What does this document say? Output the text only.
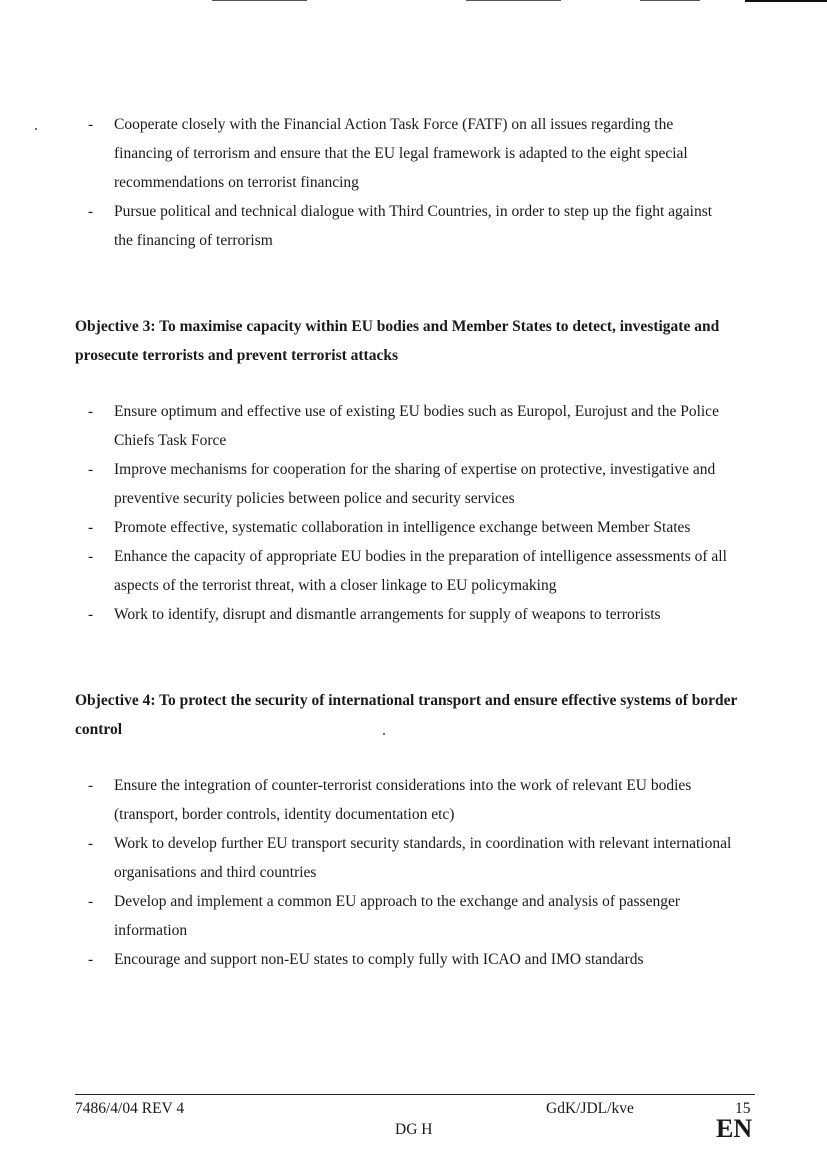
- Cooperate closely with the Financial Action Task Force (FATF) on all issues regarding the financing of terrorism and ensure that the EU legal framework is adapted to the eight special recommendations on terrorist financing
- Pursue political and technical dialogue with Third Countries, in order to step up the fight against the financing of terrorism
Objective 3: To maximise capacity within EU bodies and Member States to detect, investigate and prosecute terrorists and prevent terrorist attacks
- Ensure optimum and effective use of existing EU bodies such as Europol, Eurojust and the Police Chiefs Task Force
- Improve mechanisms for cooperation for the sharing of expertise on protective, investigative and preventive security policies between police and security services
- Promote effective, systematic collaboration in intelligence exchange between Member States
- Enhance the capacity of appropriate EU bodies in the preparation of intelligence assessments of all aspects of the terrorist threat, with a closer linkage to EU policymaking
- Work to identify, disrupt and dismantle arrangements for supply of weapons to terrorists
Objective 4: To protect the security of international transport and ensure effective systems of border control
- Ensure the integration of counter-terrorist considerations into the work of relevant EU bodies (transport, border controls, identity documentation etc)
- Work to develop further EU transport security standards, in coordination with relevant international organisations and third countries
- Develop and implement a common EU approach to the exchange and analysis of passenger information
- Encourage and support non-EU states to comply fully with ICAO and IMO standards
7486/4/04 REV 4	GdK/JDL/kve	15
DG H	EN
